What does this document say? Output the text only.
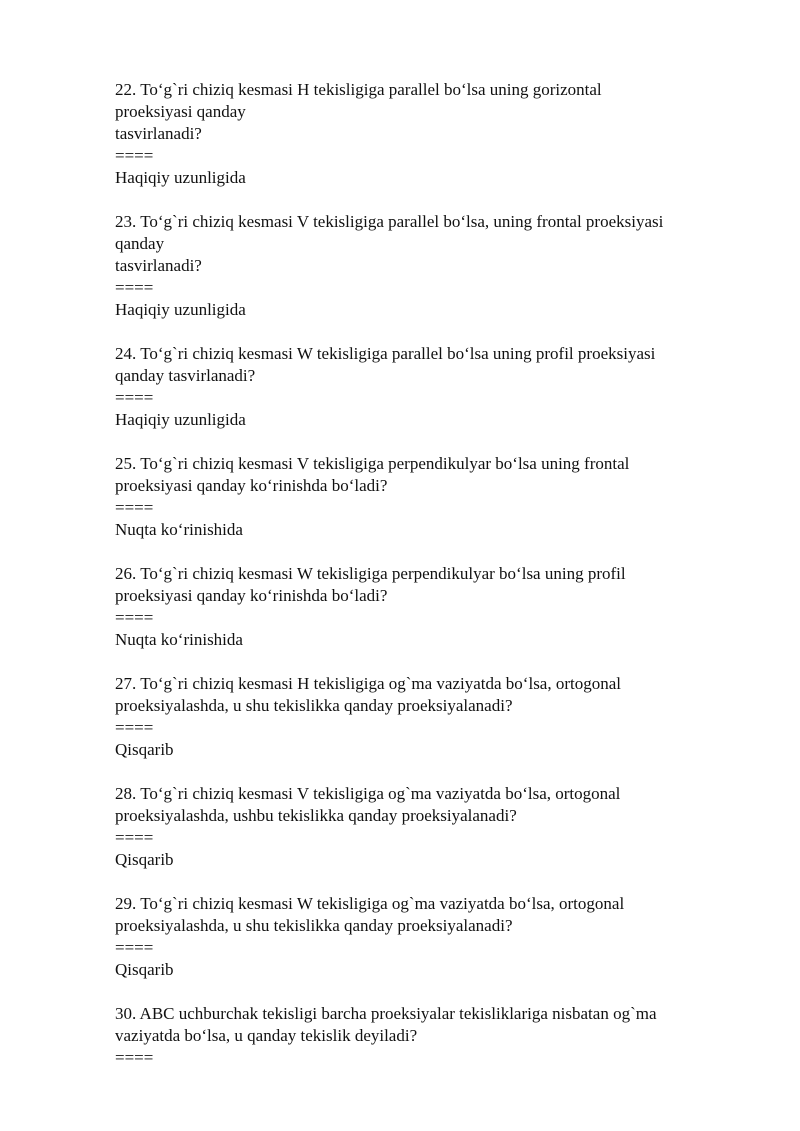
22. To‘g`ri chiziq kesmasi H tekisligiga parallel bo‘lsa uning gorizontal
proeksiyasi qanday
tasvirlanadi?
====
Haqiqiy uzunligida
23. To‘g`ri chiziq kesmasi V tekisligiga parallel bo‘lsa, uning frontal proeksiyasi
qanday
tasvirlanadi?
====
Haqiqiy uzunligida
24. To‘g`ri chiziq kesmasi W tekisligiga parallel bo‘lsa uning profil proeksiyasi
qanday tasvirlanadi?
====
Haqiqiy uzunligida
25. To‘g`ri chiziq kesmasi V tekisligiga perpendikulyar bo‘lsa uning frontal
proeksiyasi qanday ko‘rinishda bo‘ladi?
====
Nuqta ko‘rinishida
26. To‘g`ri chiziq kesmasi W tekisligiga perpendikulyar bo‘lsa uning profil
proeksiyasi qanday ko‘rinishda bo‘ladi?
====
Nuqta ko‘rinishida
27. To‘g`ri chiziq kesmasi H tekisligiga og`ma vaziyatda bo‘lsa, ortogonal
proeksiyalashda, u shu tekislikka qanday proeksiyalanadi?
====
Qisqarib
28. To‘g`ri chiziq kesmasi V tekisligiga og`ma vaziyatda bo‘lsa, ortogonal
proeksiyalashda, ushbu tekislikka qanday proeksiyalanadi?
====
Qisqarib
29. To‘g`ri chiziq kesmasi W tekisligiga og`ma vaziyatda bo‘lsa, ortogonal
proeksiyalashda, u shu tekislikka qanday proeksiyalanadi?
====
Qisqarib
30. ABC uchburchak tekisligi barcha proeksiyalar tekisliklariga nisbatan og`ma
vaziyatda bo‘lsa, u qanday tekislik deyiladi?
====
